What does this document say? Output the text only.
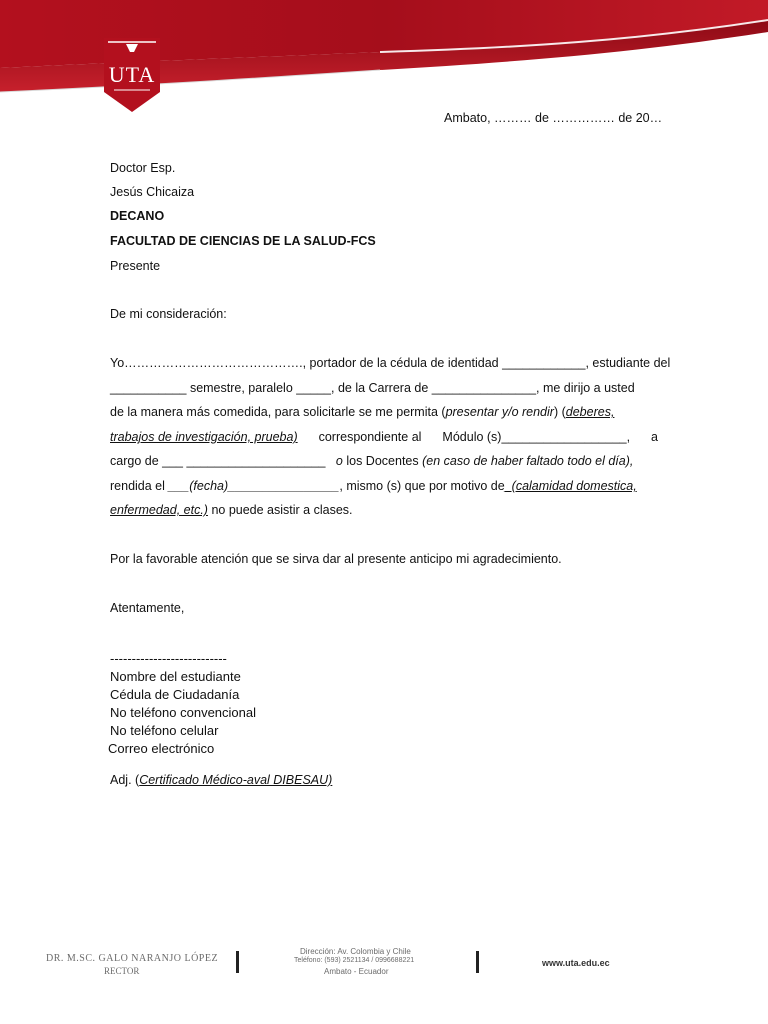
UTA
Ambato, ……… de …………… de 20…
Doctor Esp.
Jesús Chicaiza
DECANO
FACULTAD DE CIENCIAS DE LA SALUD-FCS
Presente
De mi consideración:
Yo……………………………………., portador de la cédula de identidad ____________, estudiante del
___________ semestre, paralelo _____, de la Carrera de _______________, me dirijo a usted
de la manera más comedida, para solicitarle se me permita (presentar y/o rendir) (deberes,
trabajos de investigación, prueba) correspondiente al Módulo (s)__________________, a
cargo de ___ ____________________ o los Docentes (en caso de haber faltado todo el día),
rendida el ___(fecha)________________, mismo (s) que por motivo de_(calamidad domestica,
enfermedad, etc.) no puede asistir a clases.
Por la favorable atención que se sirva dar al presente anticipo mi agradecimiento.
Atentamente,
---------------------------
Nombre del estudiante
Cédula de Ciudadanía
No teléfono convencional
No teléfono celular
Correo electrónico
Adj. (Certificado Médico-aval DIBESAU)
DR. M.SC. GALO NARANJO LÓPEZ
RECTOR
Dirección: Av. Colombia y Chile
Teléfono: (593) 2521134 / 0996688221
Ambato - Ecuador
www.uta.edu.ec
